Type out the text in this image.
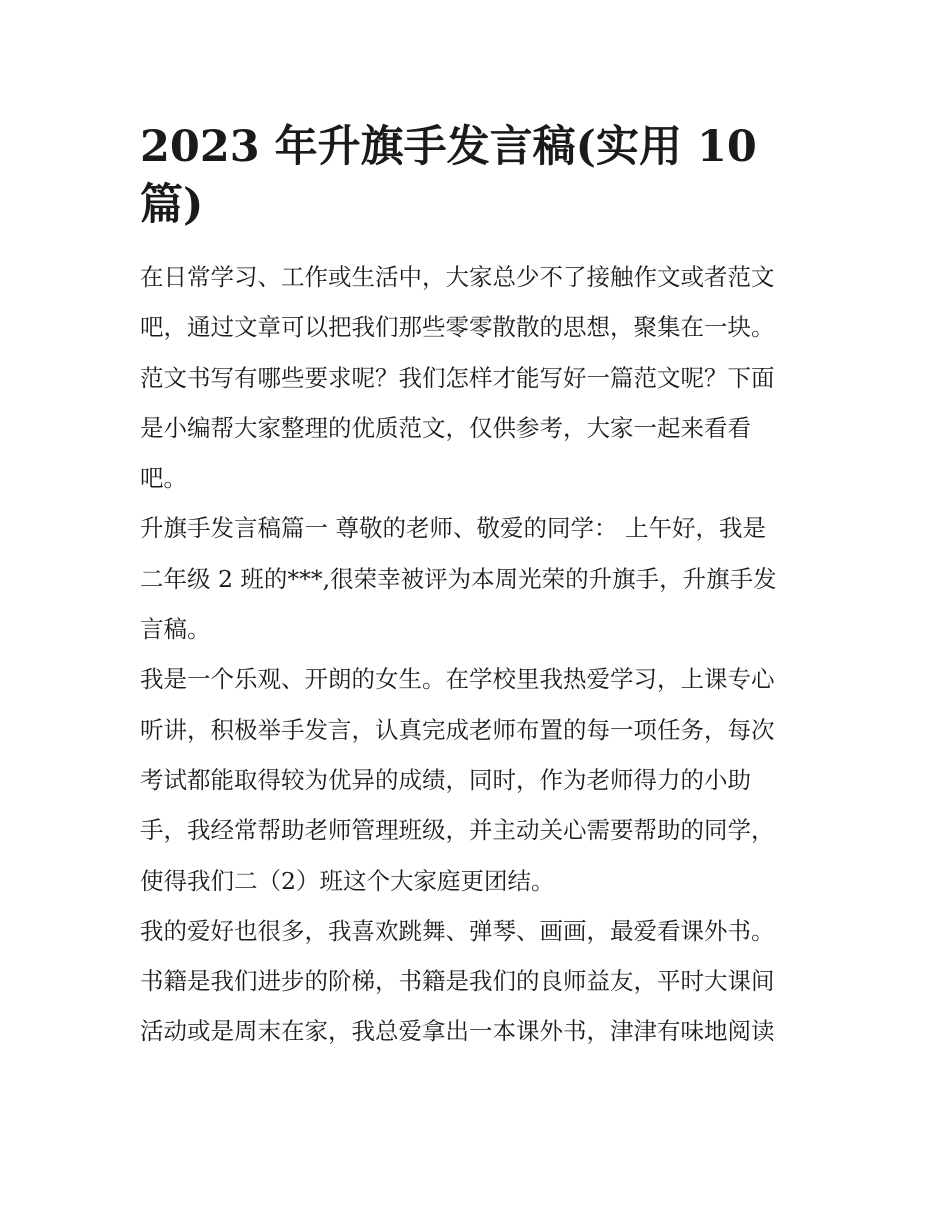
2023 年升旗手发言稿(实用 10
篇)
在日常学习、工作或生活中，大家总少不了接触作文或者范文
吧，通过文章可以把我们那些零零散散的思想，聚集在一块。
范文书写有哪些要求呢？我们怎样才能写好一篇范文呢？下面
是小编帮大家整理的优质范文，仅供参考，大家一起来看看
吧。
升旗手发言稿篇一 尊敬的老师、敬爱的同学： 上午好，我是
二年级 2 班的***,很荣幸被评为本周光荣的升旗手，升旗手发
言稿。
我是一个乐观、开朗的女生。在学校里我热爱学习，上课专心
听讲，积极举手发言，认真完成老师布置的每一项任务，每次
考试都能取得较为优异的成绩，同时，作为老师得力的小助
手，我经常帮助老师管理班级，并主动关心需要帮助的同学，
使得我们二（2）班这个大家庭更团结。
我的爱好也很多，我喜欢跳舞、弹琴、画画，最爱看课外书。
书籍是我们进步的阶梯，书籍是我们的良师益友，平时大课间
活动或是周末在家，我总爱拿出一本课外书，津津有味地阅读
